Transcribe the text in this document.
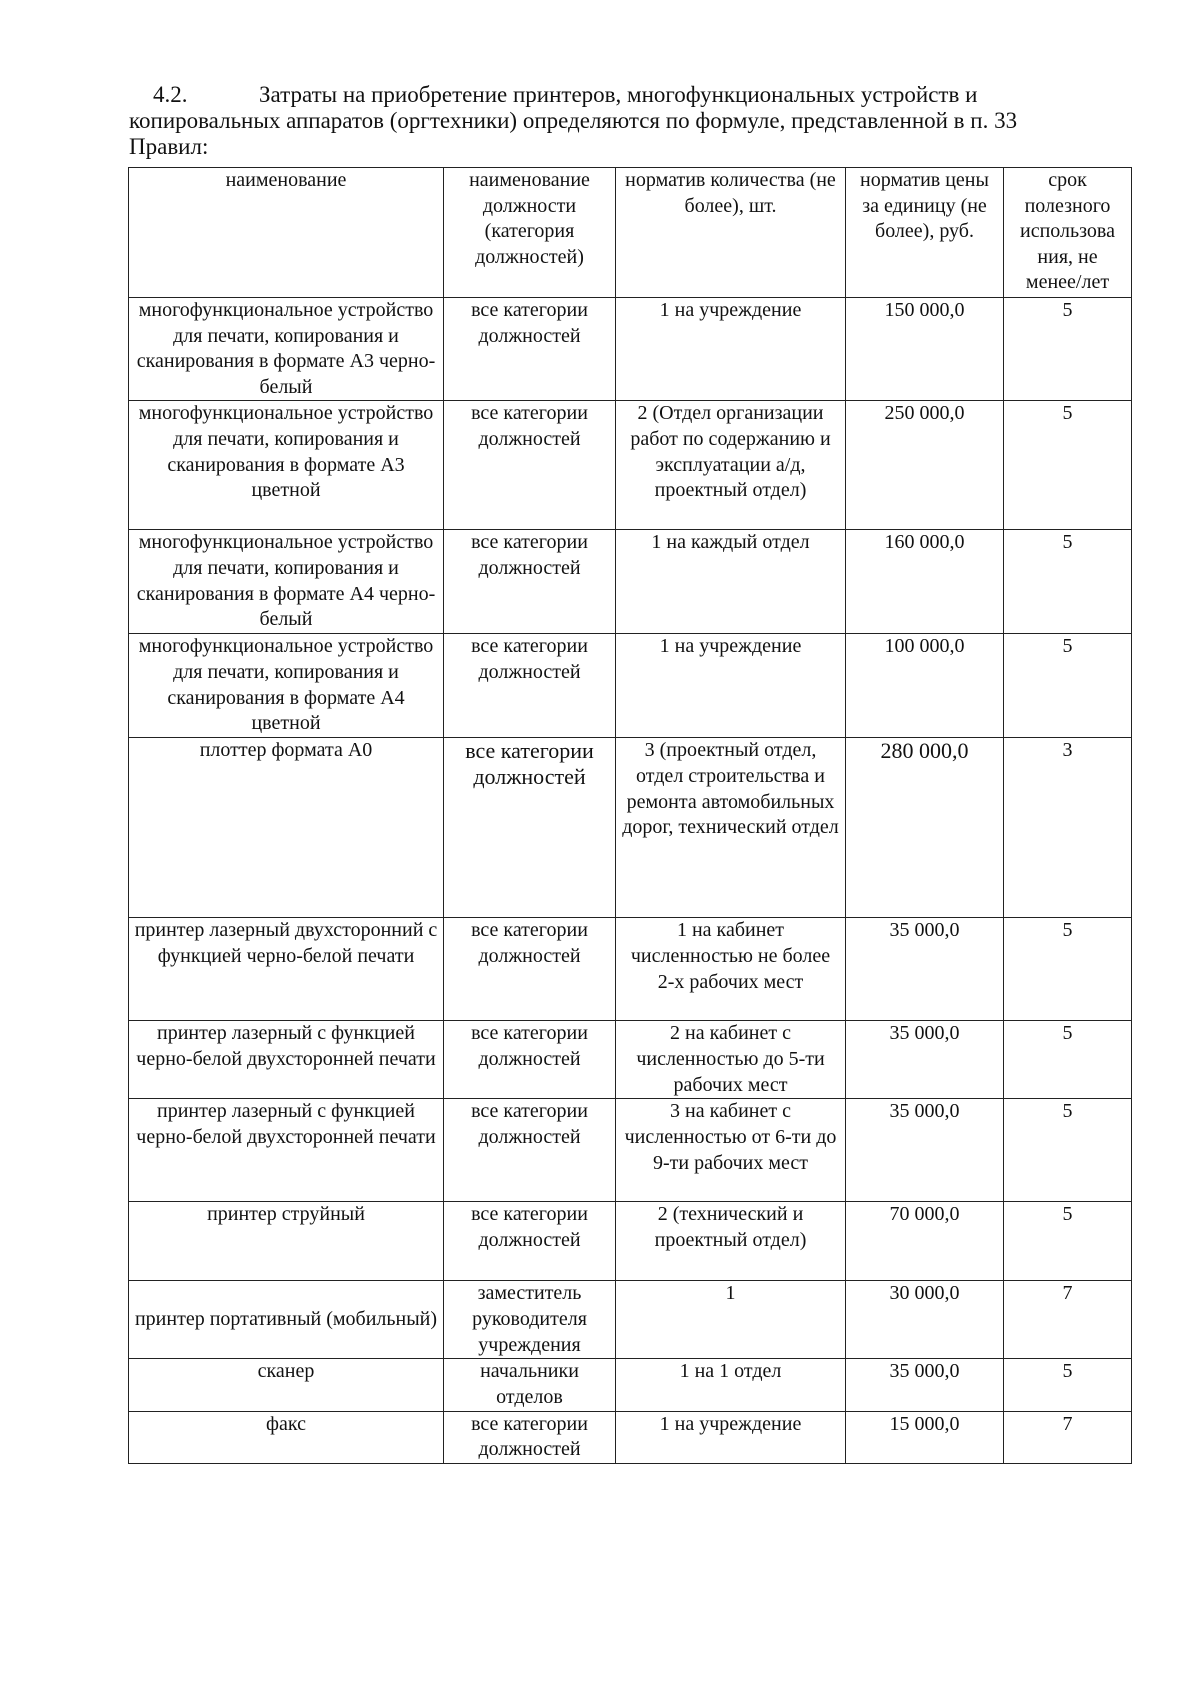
4.2.	Затраты на приобретение принтеров, многофункциональных устройств и
копировальных аппаратов (оргтехники) определяются по формуле, представленной в п. 33
Правил:
наименование	наименование должности (категория должностей)	норматив количества (не более), шт.	норматив цены за единицу (не более), руб.	срок полезного использова ния, не менее/лет
многофункциональное устройство для печати, копирования и сканирования в формате А3 черно-белый	все категории должностей	1 на учреждение	150 000,0	5
многофункциональное устройство для печати, копирования и сканирования в формате А3 цветной	все категории должностей	2 (Отдел организации работ по содержанию и эксплуатации а/д, проектный отдел)	250 000,0	5
многофункциональное устройство для печати, копирования и сканирования в формате А4 черно-белый	все категории должностей	1 на каждый отдел	160 000,0	5
многофункциональное устройство для печати, копирования и сканирования в формате А4 цветной	все категории должностей	1 на учреждение	100 000,0	5
плоттер формата А0	все категории должностей	3 (проектный отдел, отдел строительства и ремонта автомобильных дорог, технический отдел	280 000,0	3
принтер лазерный двухсторонний с функцией черно-белой печати	все категории должностей	1 на кабинет численностью не более 2-х рабочих мест	35 000,0	5
принтер лазерный с функцией черно-белой двухсторонней печати	все категории должностей	2 на кабинет с численностью до 5-ти рабочих мест	35 000,0	5
принтер лазерный с функцией черно-белой двухсторонней печати	все категории должностей	3 на кабинет с численностью от 6-ти до 9-ти рабочих мест	35 000,0	5
принтер струйный	все категории должностей	2 (технический и проектный отдел)	70 000,0	5
принтер портативный (мобильный)	заместитель руководителя учреждения	1	30 000,0	7
сканер	начальники отделов	1 на 1 отдел	35 000,0	5
факс	все категории должностей	1 на учреждение	15 000,0	7
